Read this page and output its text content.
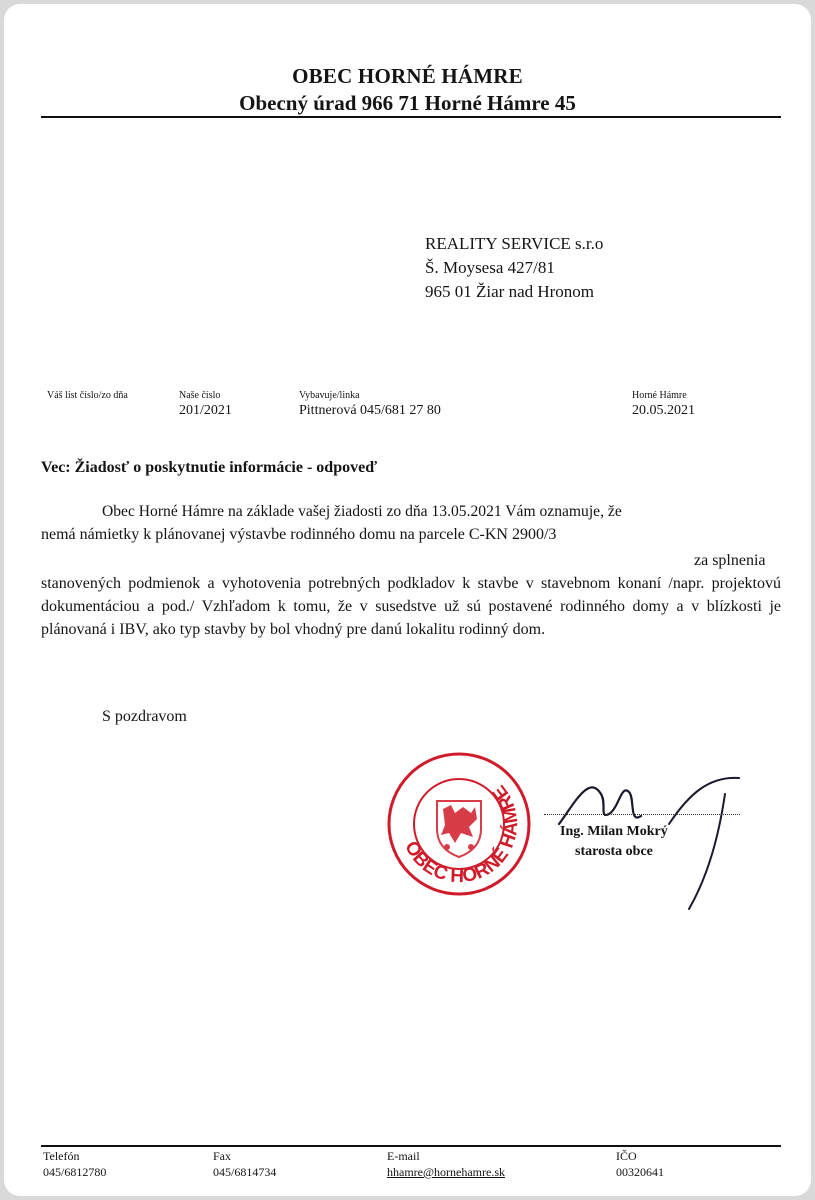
OBEC HORNÉ HÁMRE
Obecný úrad 966 71 Horné Hámre 45
REALITY SERVICE s.r.o
Š. Moysesa 427/81
965 01 Žiar nad Hronom
Váš list číslo/zo dňa	Naše číslo
201/2021
Vybavuje/linka
Pittnerová 045/681 27 80
Horné Hámre
20.05.2021
Vec: Žiadosť o poskytnutie informácie - odpoveď
Obec Horné Hámre na základe vašej žiadosti zo dňa 13.05.2021 Vám oznamuje, že
nemá námietky k plánovanej výstavbe rodinného domu na parcele C-KN 2900/3
za splnenia
stanovených podmienok a vyhotovenia potrebných podkladov k stavbe v stavebnom konaní /napr. projektovú dokumentáciou a pod./ Vzhľadom k tomu, že v susedstve už sú postavené rodinného domy a v blízkosti je plánovaná i IBV, ako typ stavby by bol vhodný pre danú lokalitu rodinný dom.
S pozdravom
OBEC HORNÉ HÁMRE
Ing. Milan Mokrý
starosta obce
Telefón
045/6812780
Fax
045/6814734
E-mail
hhamre@hornehamre.sk
IČO
00320641
